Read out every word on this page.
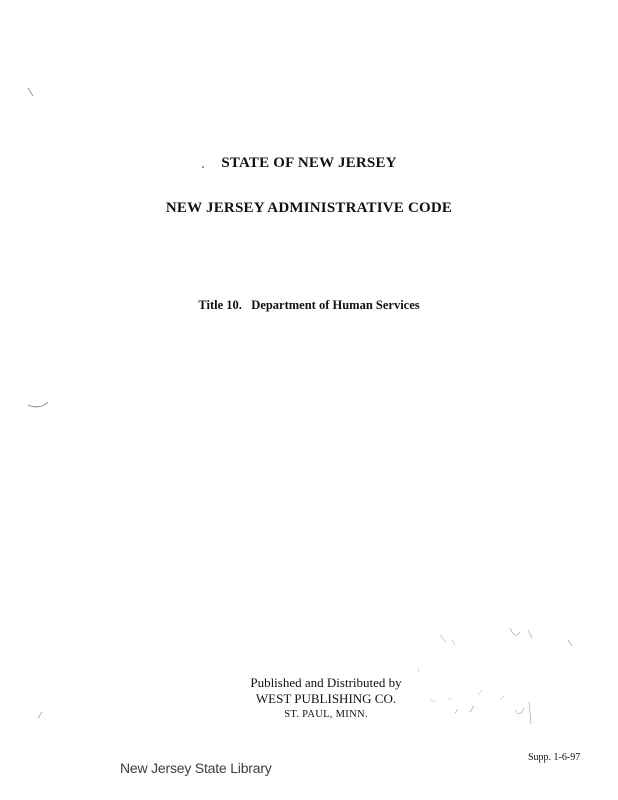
STATE OF NEW JERSEY
NEW JERSEY ADMINISTRATIVE CODE
Title 10.   Department of Human Services
Published and Distributed by
WEST PUBLISHING CO.
ST. PAUL, MINN.
Supp. 1-6-97
New Jersey State Library
